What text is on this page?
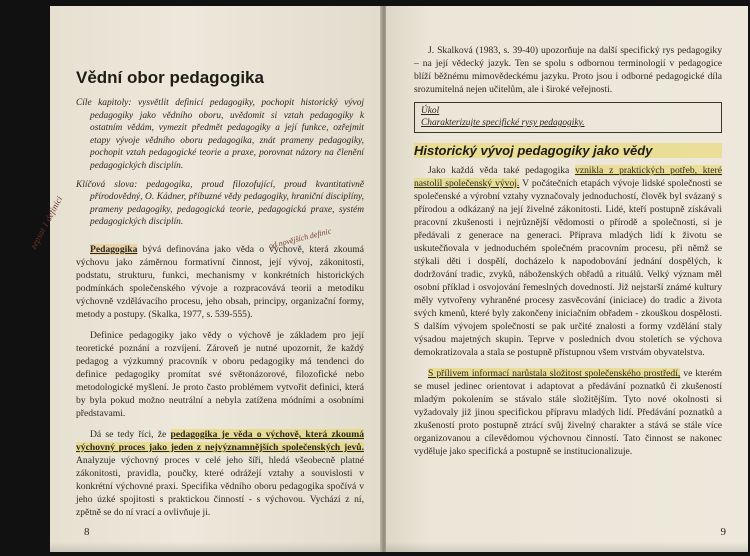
Vědní obor pedagogika

Cíle kapitoly: vysvětlit definicí pedagogiky, pochopit historický vývoj pedagogiky jako vědního oboru, uvědomit si vztah pedagogiky k ostatním vědám, vymezit předmět pedagogiky a její funkce, ozřejmit etapy vývoje vědního oboru pedagogika, znát prameny pedagogiky, pochopit vztah pedagogické teorie a praxe, porovnat názory na členění pedagogických disciplín.

Klíčová slova: pedagogika, proud filozofující, proud kvantitativně přírodovědný, O. Kádner, příbuzné vědy pedagogiky, hraniční disciplíny, prameny pedagogiky, pedagogická teorie, pedagogická praxe, systém pedagogických disciplín.

Pedagogika bývá definována jako věda o výchově, která zkoumá výchovu jako záměrnou formativní činnost, její vývoj, zákonitosti, podstatu, strukturu, funkci, mechanismy v konkrétních historických podmínkách společenského vývoje a rozpracovává teorii a metodiku výchovně vzdělávacího procesu, jeho obsah, principy, organizační formy, metody a postupy. (Skalka, 1977, s. 539-555).

Definice pedagogiky jako vědy o výchově je základem pro její teoretické poznání a rozvíjení. Zároveň je nutné upozornit, že každý pedagog a výzkumný pracovník v oboru pedagogiky má tendenci do definice pedagogiky promítat své světonázorové, filozofické nebo metodologické myšlení. Je proto často problémem vytvořit definici, která by byla pokud možno neutrální a nebyla zatížena módními a osobními představami.

Dá se tedy říci, že pedagogika je věda o výchově, která zkoumá výchovný proces jako jeden z nejvýznamnějších společenských jevů. Analyzuje výchovný proces v celé jeho šíři, hledá všeobecně platné zákonitosti, pravidla, poučky, které odrážejí vztahy a souvislosti v konkrétní výchovné praxi. Specifika vědního oboru pedagogika spočívá v jeho úzké spojitosti s praktickou činností - s výchovou. Vychází z ní, zpětně se do ní vrací a ovlivňuje ji.

zepsat 1 definici	od novějších definic
8

J. Skalková (1983, s. 39-40) upozorňuje na další specifický rys pedagogiky – na její vědecký jazyk. Ten se spolu s odbornou terminologií v pedagogice blíží běžnému mimovědeckému jazyku. Proto jsou i odborné pedagogické díla srozumitelná nejen učitelům, ale i široké veřejnosti.

Úkol
Charakterizujte specifické rysy pedagogiky.
Historický vývoj pedagogiky jako vědy

Jako každá věda také pedagogika vznikla z praktických potřeb, které nastolil společenský vývoj. V počátečních etapách vývoje lidské společnosti se společenské a výrobní vztahy vyznačovaly jednoduchostí, člověk byl svázaný s přírodou a odkázaný na její živelné zákonitosti. Lidé, kteří postupně získávali pracovní zkušenosti i nejrůznější vědomosti o přírodě a společnosti, si je předávali z generace na generaci. Příprava mladých lidí k životu se uskutečňovala v jednoduchém společném pracovním procesu, při němž se stýkali děti i dospělí, docházelo k napodobování jednání dospělých, k dodržování tradic, zvyků, náboženských obřadů a rituálů. Velký význam měl osobní příklad i osvojování řemeslných dovedností. Již nejstarší známé kultury měly vytvořeny vyhraněné procesy zasvěcování (iniciace) do tradic a života svých kmenů, které byly zakončeny iniciačním obřadem - zkouškou dospělosti. S dalším vývojem společnosti se pak určité znalosti a formy vzdělání staly výsadou majetných skupin. Teprve v posledních dvou stoletích se výchova demokratizovala a stala se postupně přístupnou všem vrstvám obyvatelstva.

S přílivem informací narůstala složitost společenského prostředí, ve kterém se musel jedinec orientovat i adaptovat a předávání poznatků či zkušeností mladým pokolením se stávalo stále složitějším. Tyto nové okolnosti si vyžadovaly již jinou specifickou přípravu mladých lidí. Předávání poznatků a zkušeností proto postupně ztrácí svůj živelný charakter a stává se stále více organizovanou a cílevědomou výchovnou činností. Tato činnost se nakonec vyděluje jako specifická a postupně se institucionalizuje.

9
